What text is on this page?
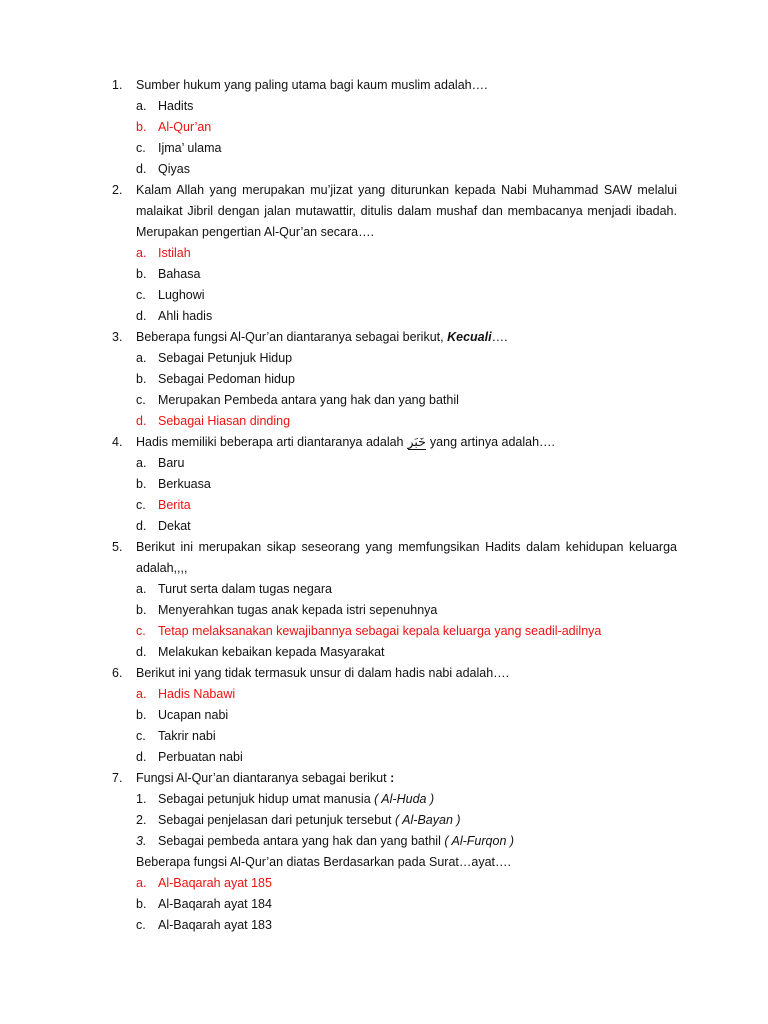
1.	Sumber hukum yang paling utama bagi kaum muslim adalah….
a. Hadits
b. Al-Qur’an
c. Ijma’ ulama
d. Qiyas
2.	Kalam Allah yang merupakan mu’jizat yang diturunkan kepada Nabi Muhammad SAW melalui
malaikat Jibril dengan jalan mutawattir, ditulis dalam mushaf dan membacanya menjadi ibadah.
Merupakan pengertian Al-Qur’an secara….
a. Istilah
b. Bahasa
c. Lughowi
d. Ahli hadis
3.	Beberapa fungsi Al-Qur’an diantaranya sebagai berikut, Kecuali….
a. Sebagai Petunjuk Hidup
b. Sebagai Pedoman hidup
c. Merupakan Pembeda antara yang hak dan yang bathil
d. Sebagai Hiasan dinding
4.	Hadis memiliki beberapa arti diantaranya adalah خَبَر yang artinya adalah….
a. Baru
b. Berkuasa
c. Berita
d. Dekat
5.	Berikut ini merupakan sikap seseorang yang memfungsikan Hadits dalam kehidupan keluarga
adalah,,,,
a. Turut serta dalam tugas negara
b. Menyerahkan tugas anak kepada istri sepenuhnya
c. Tetap melaksanakan kewajibannya sebagai kepala keluarga yang seadil-adilnya
d. Melakukan kebaikan kepada Masyarakat
6.	Berikut ini yang tidak termasuk unsur di dalam hadis nabi adalah….
a. Hadis Nabawi
b. Ucapan nabi
c. Takrir nabi
d. Perbuatan nabi
7.	Fungsi Al-Qur’an diantaranya sebagai berikut :
1. Sebagai petunjuk hidup umat manusia ( Al-Huda )
2. Sebagai penjelasan dari petunjuk tersebut ( Al-Bayan )
3. Sebagai pembeda antara yang hak dan yang bathil ( Al-Furqon )
Beberapa fungsi Al-Qur’an diatas Berdasarkan pada Surat…ayat….
a. Al-Baqarah ayat 185
b. Al-Baqarah ayat 184
c. Al-Baqarah ayat 183
